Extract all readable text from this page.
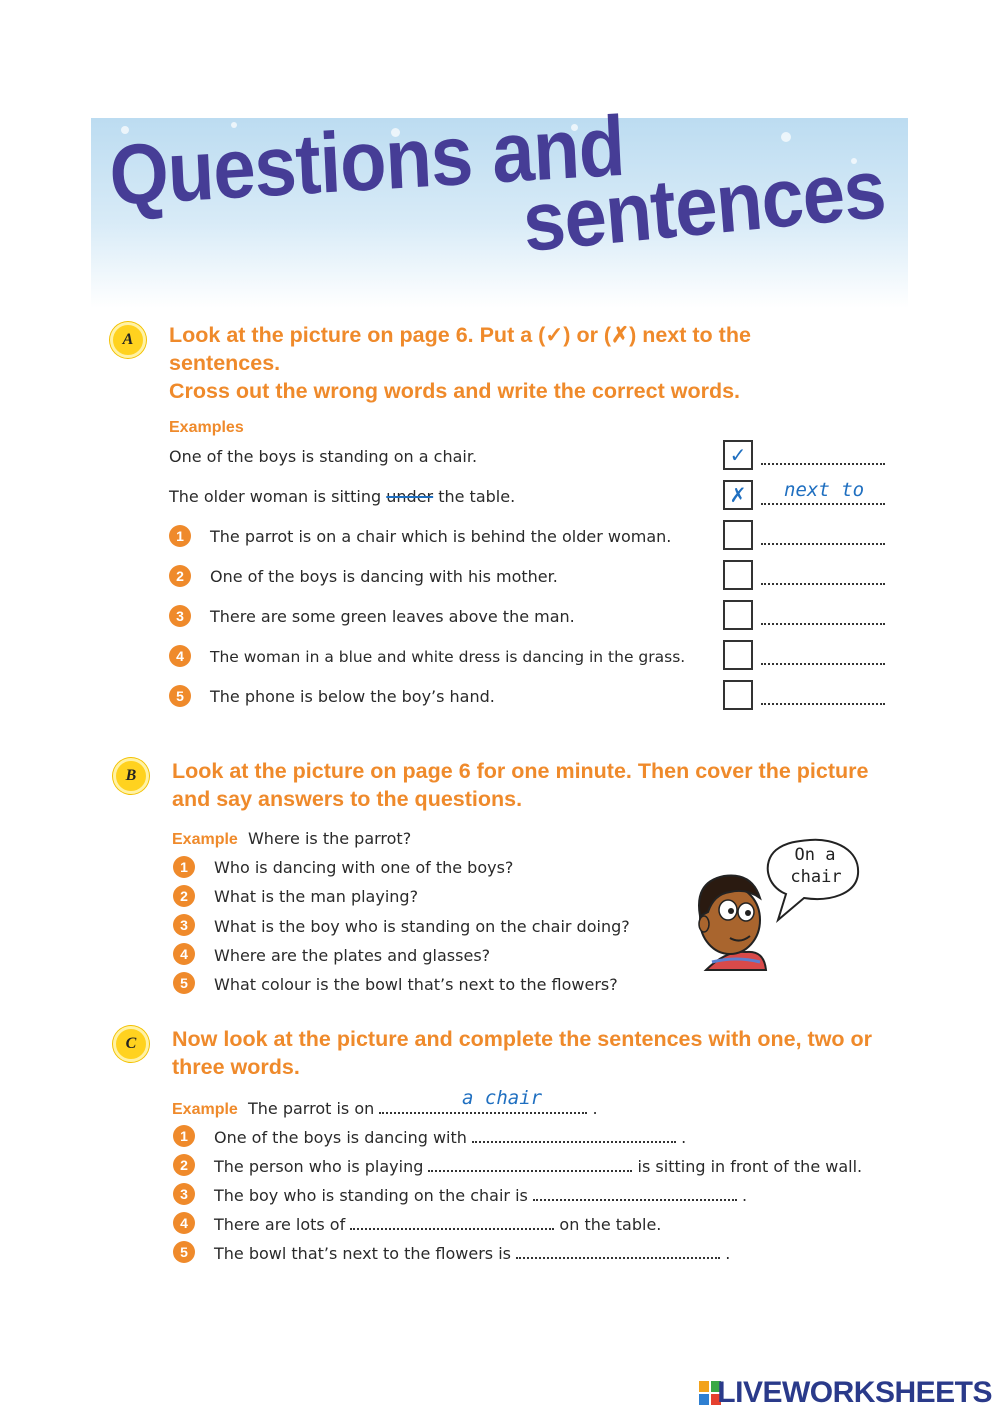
Questions and
sentences
A	Look at the picture on page 6. Put a (✓) or (✗) next to the sentences.
Cross out the wrong words and write the correct words.

Examples
One of the boys is standing on a chair.	✓
The older woman is sitting under the table.	✗	next to
1	The parrot is on a chair which is behind the older woman.
2	One of the boys is dancing with his mother.
3	There are some green leaves above the man.
4	The woman in a blue and white dress is dancing in the grass.
5	The phone is below the boy’s hand.
B	Look at the picture on page 6 for one minute. Then cover the picture and say answers to the questions.

Example Where is the parrot?
1	Who is dancing with one of the boys?
2	What is the man playing?
3	What is the boy who is standing on the chair doing?
4	Where are the plates and glasses?
5	What colour is the bowl that’s next to the flowers?
On a
chair
C	Now look at the picture and complete the sentences with one, two or three words.

Example The parrot is on	.
a chair
1	One of the boys is dancing with	.
2	The person who is playing	is sitting in front of the wall.
3	The boy who is standing on the chair is	.
4	There are lots of	on the table.
5	The bowl that’s next to the flowers is	.
LIVEWORKSHEETS
